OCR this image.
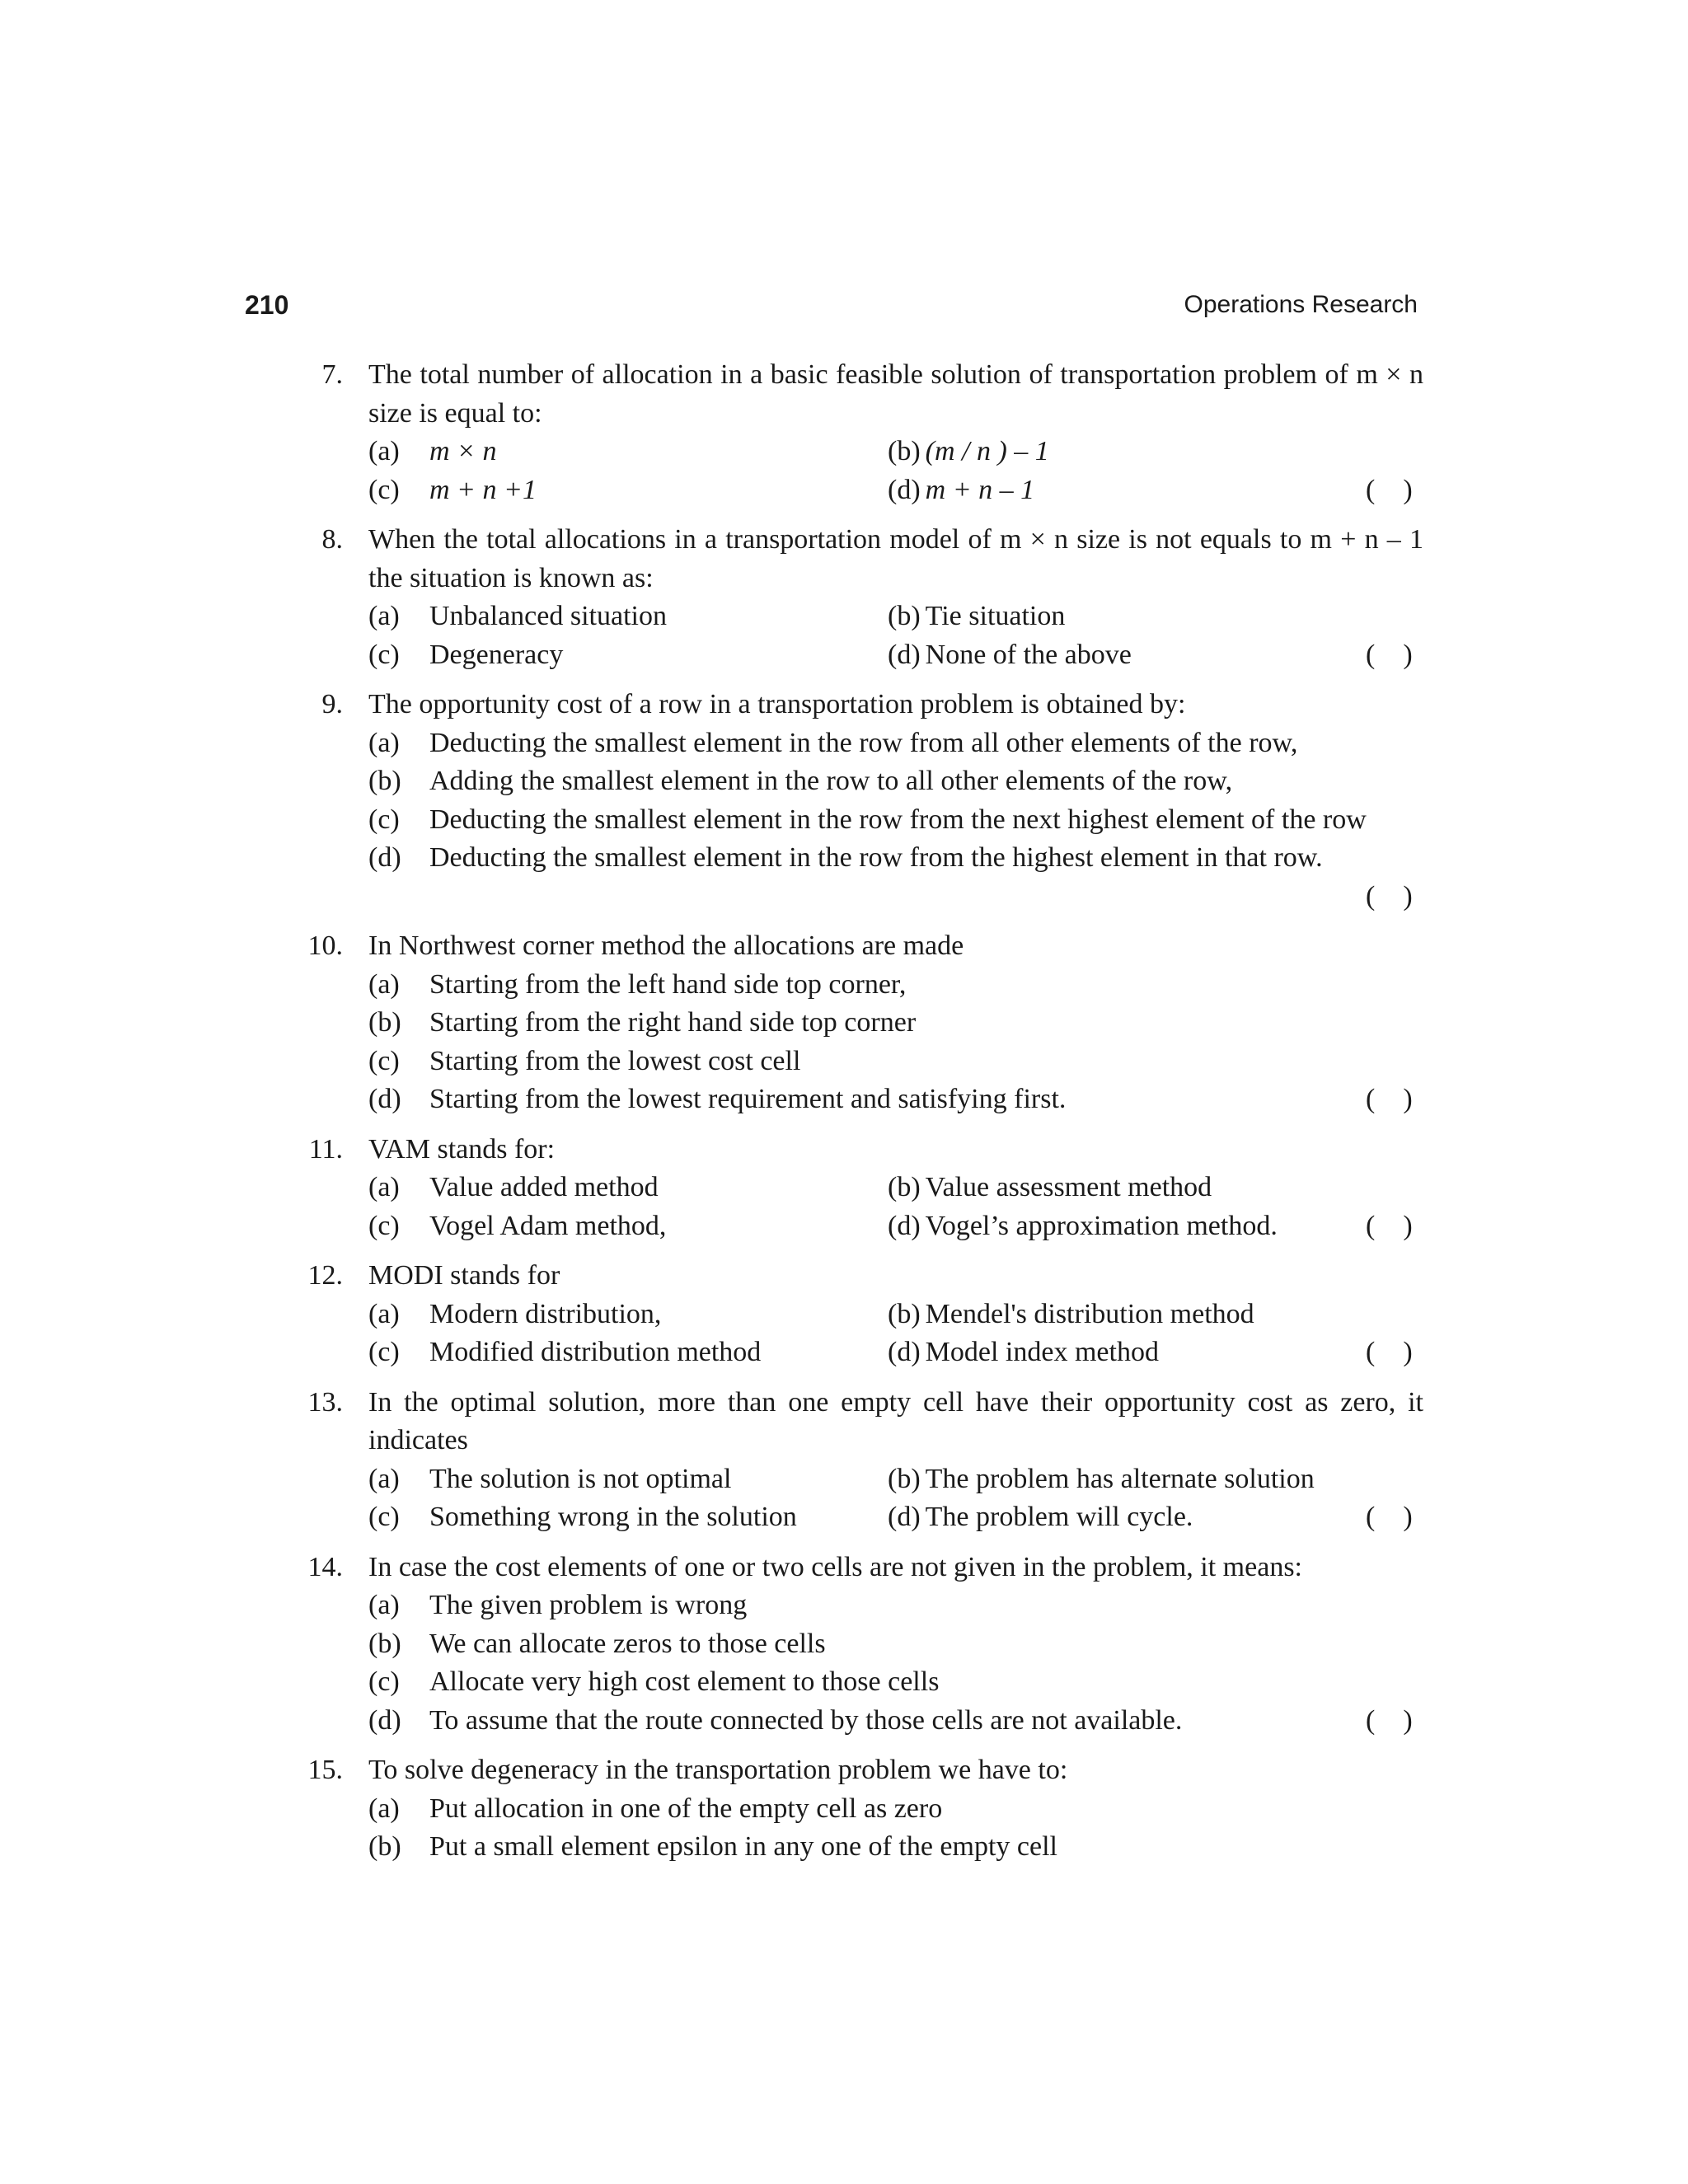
210	Operations Research
7. The total number of allocation in a basic feasible solution of transportation problem of m × n size is equal to:
(a) m × n	(b) (m / n ) – 1
(c) m + n +1	(d) m + n – 1	(    )
8. When the total allocations in a transportation model of m × n size is not equals to m + n – 1 the situation is known as:
(a) Unbalanced situation	(b) Tie situation
(c) Degeneracy	(d) None of the above	(    )
9. The opportunity cost of a row in a transportation problem is obtained by:
(a) Deducting the smallest element in the row from all other elements of the row,
(b) Adding the smallest element in the row to all other elements of the row,
(c) Deducting the smallest element in the row from the next highest element of the row
(d) Deducting the smallest element in the row from the highest element in that row.
(    )
10. In Northwest corner method the allocations are made
(a) Starting from the left hand side top corner,
(b) Starting from the right hand side top corner
(c) Starting from the lowest cost cell
(d) Starting from the lowest requirement and satisfying first.	(    )
11. VAM stands for:
(a) Value added method	(b) Value assessment method
(c) Vogel Adam method,	(d) Vogel’s approximation method.	(    )
12. MODI stands for
(a) Modern distribution,	(b) Mendel's distribution method
(c) Modified distribution method	(d) Model index method	(    )
13. In the optimal solution, more than one empty cell have their opportunity cost as zero, it indicates
(a) The solution is not optimal	(b) The problem has alternate solution
(c) Something wrong in the solution	(d) The problem will cycle.	(    )
14. In case the cost elements of one or two cells are not given in the problem, it means:
(a) The given problem is wrong
(b) We can allocate zeros to those cells
(c) Allocate very high cost element to those cells
(d) To assume that the route connected by those cells are not available.	(    )
15. To solve degeneracy in the transportation problem we have to:
(a) Put allocation in one of the empty cell as zero
(b) Put a small element epsilon in any one of the empty cell
